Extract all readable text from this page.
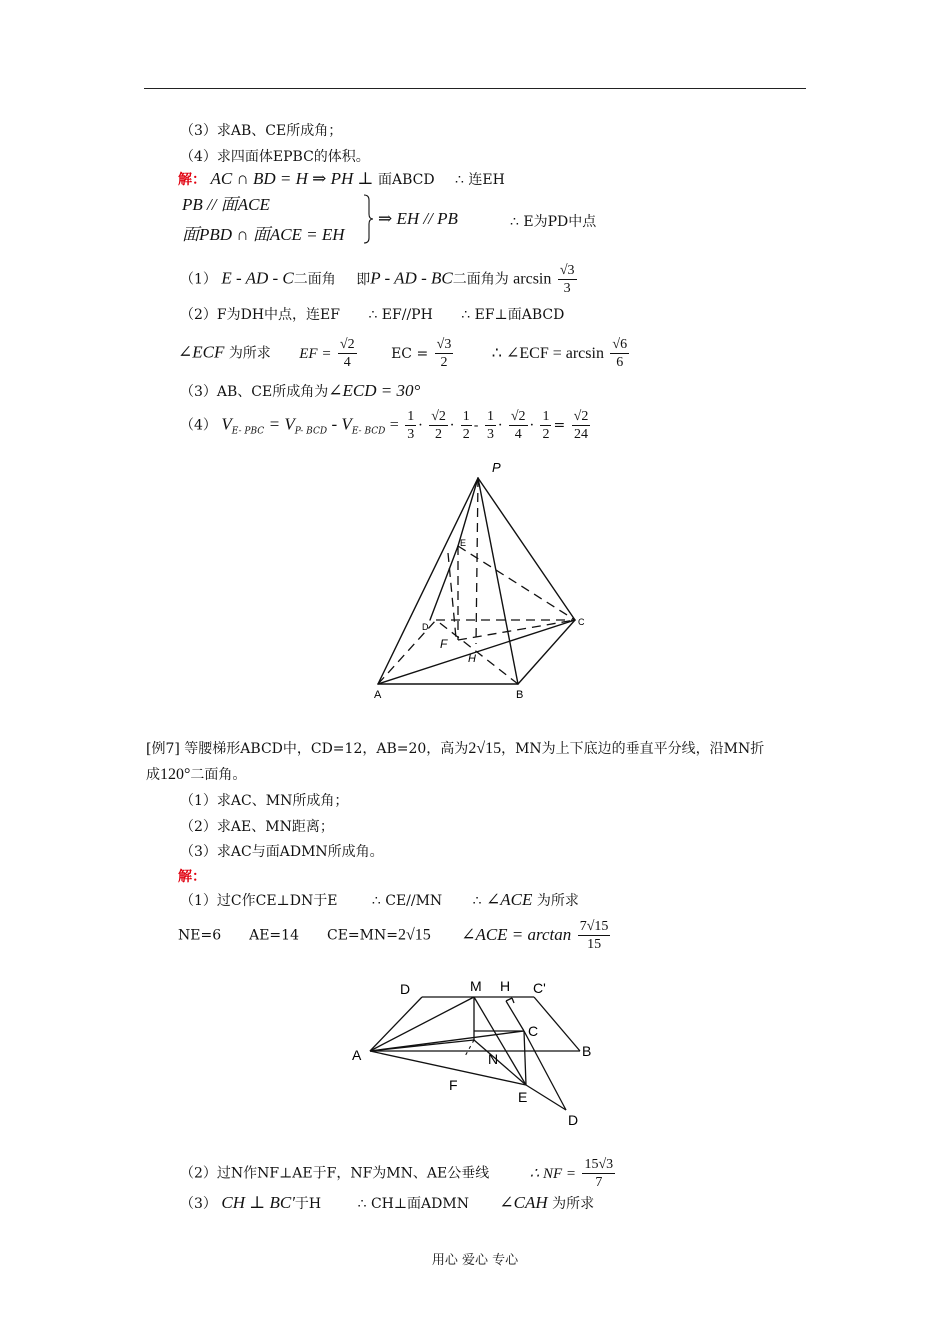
（3）求AB、CE所成角；
（4）求四面体EPBC的体积。
解： AC ∩ BD = H ⇒ PH ⊥ 面ABCD ∴ 连EH
PB // 面ACE
面PBD ∩ 面ACE = EH
⇒ EH // PB	∴ E为PD中点
（1） E - AD - C二面角 即P - AD - BC二面角为 $\arcsin \frac{√3}{3}$
（2）F为DH中点，连EF ∴ EF//PH ∴ EF⊥面ABCD
∠ECF 为所求 EF = $\frac{√2}{4}$ EC = $\frac{√3}{2}$ ∴ ∠ECF = $\arcsin \frac{√6}{6}$
（3）AB、CE所成角为∠ECD = 30°
（4） $V_{E- PBC} = V_{P- BCD} - V_{E- BCD} = \frac{1}{3} \cdot \frac{√2}{2} \cdot \frac{1}{2} - \frac{1}{3} \cdot \frac{√2}{4} \cdot \frac{1}{2} = \frac{√2}{24}$
P
E
D	C
F
H
A	B
[例7] 等腰梯形ABCD中，CD=12，AB=20，高为2√15，MN为上下底边的垂直平分线，沿MN折
成120°二面角。
（1）求AC、MN所成角；
（2）求AE、MN距离；
（3）求AC与面ADMN所成角。
解：
（1）过C作CE⊥DN于E ∴ CE//MN ∴ ∠ACE 为所求
NE=6　　AE=14　　CE=MN=2√15 ∠ACE = $\arctan \frac{7√15}{15}$
D	M H C'
C
A	B
N
F
E
D
（2）过N作NF⊥AE于F，NF为MN、AE公垂线	∴ NF = $\frac{15√3}{7}$
（3） CH ⊥ BC′于H	∴ CH⊥面ADMN ∠CAH 为所求
用心 爱心 专心
